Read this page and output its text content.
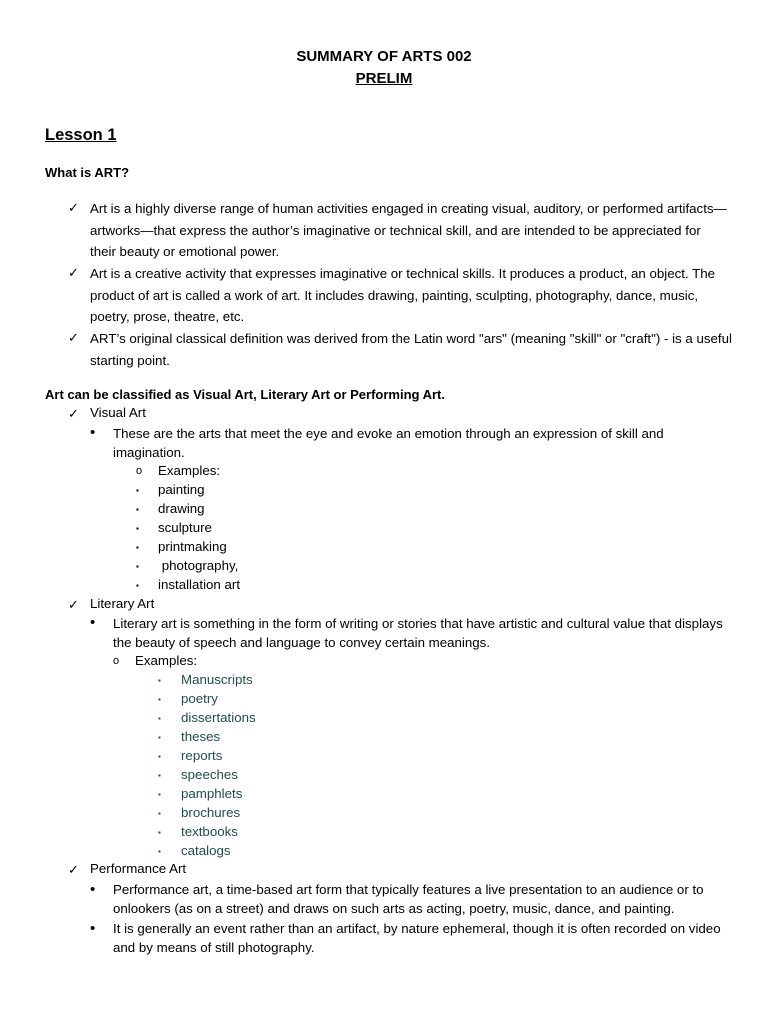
SUMMARY OF ARTS 002
PRELIM
Lesson 1
What is ART?
✓ Art is a highly diverse range of human activities engaged in creating visual, auditory, or performed artifacts— artworks—that express the author’s imaginative or technical skill, and are intended to be appreciated for their beauty or emotional power.
✓ Art is a creative activity that expresses imaginative or technical skills. It produces a product, an object. The product of art is called a work of art. It includes drawing, painting, sculpting, photography, dance, music, poetry, prose, theatre, etc.
✓ ART’s original classical definition was derived from the Latin word "ars" (meaning "skill" or "craft") - is a useful starting point.
Art can be classified as Visual Art, Literary Art or Performing Art.
✓ Visual Art
• These are the arts that meet the eye and evoke an emotion through an expression of skill and imagination.
o Examples:
▪ painting
▪ drawing
▪ sculpture
▪ printmaking
▪ photography,
▪ installation art
✓ Literary Art
• Literary art is something in the form of writing or stories that have artistic and cultural value that displays the beauty of speech and language to convey certain meanings.
o Examples:
▪ Manuscripts
▪ poetry
▪ dissertations
▪ theses
▪ reports
▪ speeches
▪ pamphlets
▪ brochures
▪ textbooks
▪ catalogs
✓ Performance Art
• Performance art, a time-based art form that typically features a live presentation to an audience or to onlookers (as on a street) and draws on such arts as acting, poetry, music, dance, and painting.
• It is generally an event rather than an artifact, by nature ephemeral, though it is often recorded on video and by means of still photography.
